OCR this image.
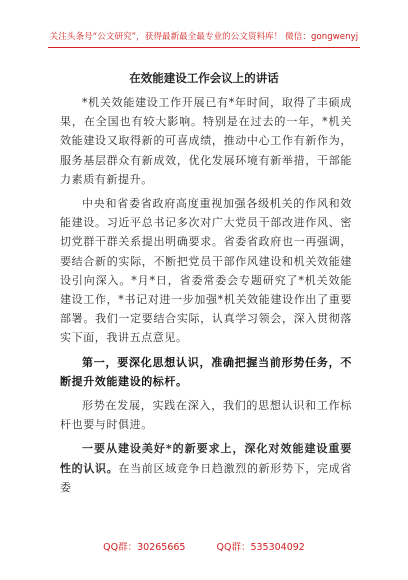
关注头条号“公文研究”，获得最新最全最专业的公文资料库！ 微信：gongwenyj
在效能建设工作会议上的讲话

*机关效能建设工作开展已有*年时间，取得了丰硕成果，在全国也有较大影响。特别是在过去的一年，*机关效能建设又取得新的可喜成绩，推动中心工作有新作为，服务基层群众有新成效，优化发展环境有新举措，干部能力素质有新提升。

中央和省委省政府高度重视加强各级机关的作风和效能建设。习近平总书记多次对广大党员干部改进作风、密切党群干群关系提出明确要求。省委省政府也一再强调，要结合新的实际，不断把党员干部作风建设和机关效能建设引向深入。*月*日，省委常委会专题研究了*机关效能建设工作，*书记对进一步加强*机关效能建设作出了重要部署。我们一定要结合实际，认真学习领会，深入贯彻落实下面，我讲五点意见。

第一，要深化思想认识，准确把握当前形势任务，不断提升效能建设的标杆。

形势在发展，实践在深入，我们的思想认识和工作标杆也要与时俱进。

一要从建设美好*的新要求上，深化对效能建设重要性的认识。在当前区域竞争日趋激烈的新形势下，完成省委

QQ群：30265665	QQ群：535304092
